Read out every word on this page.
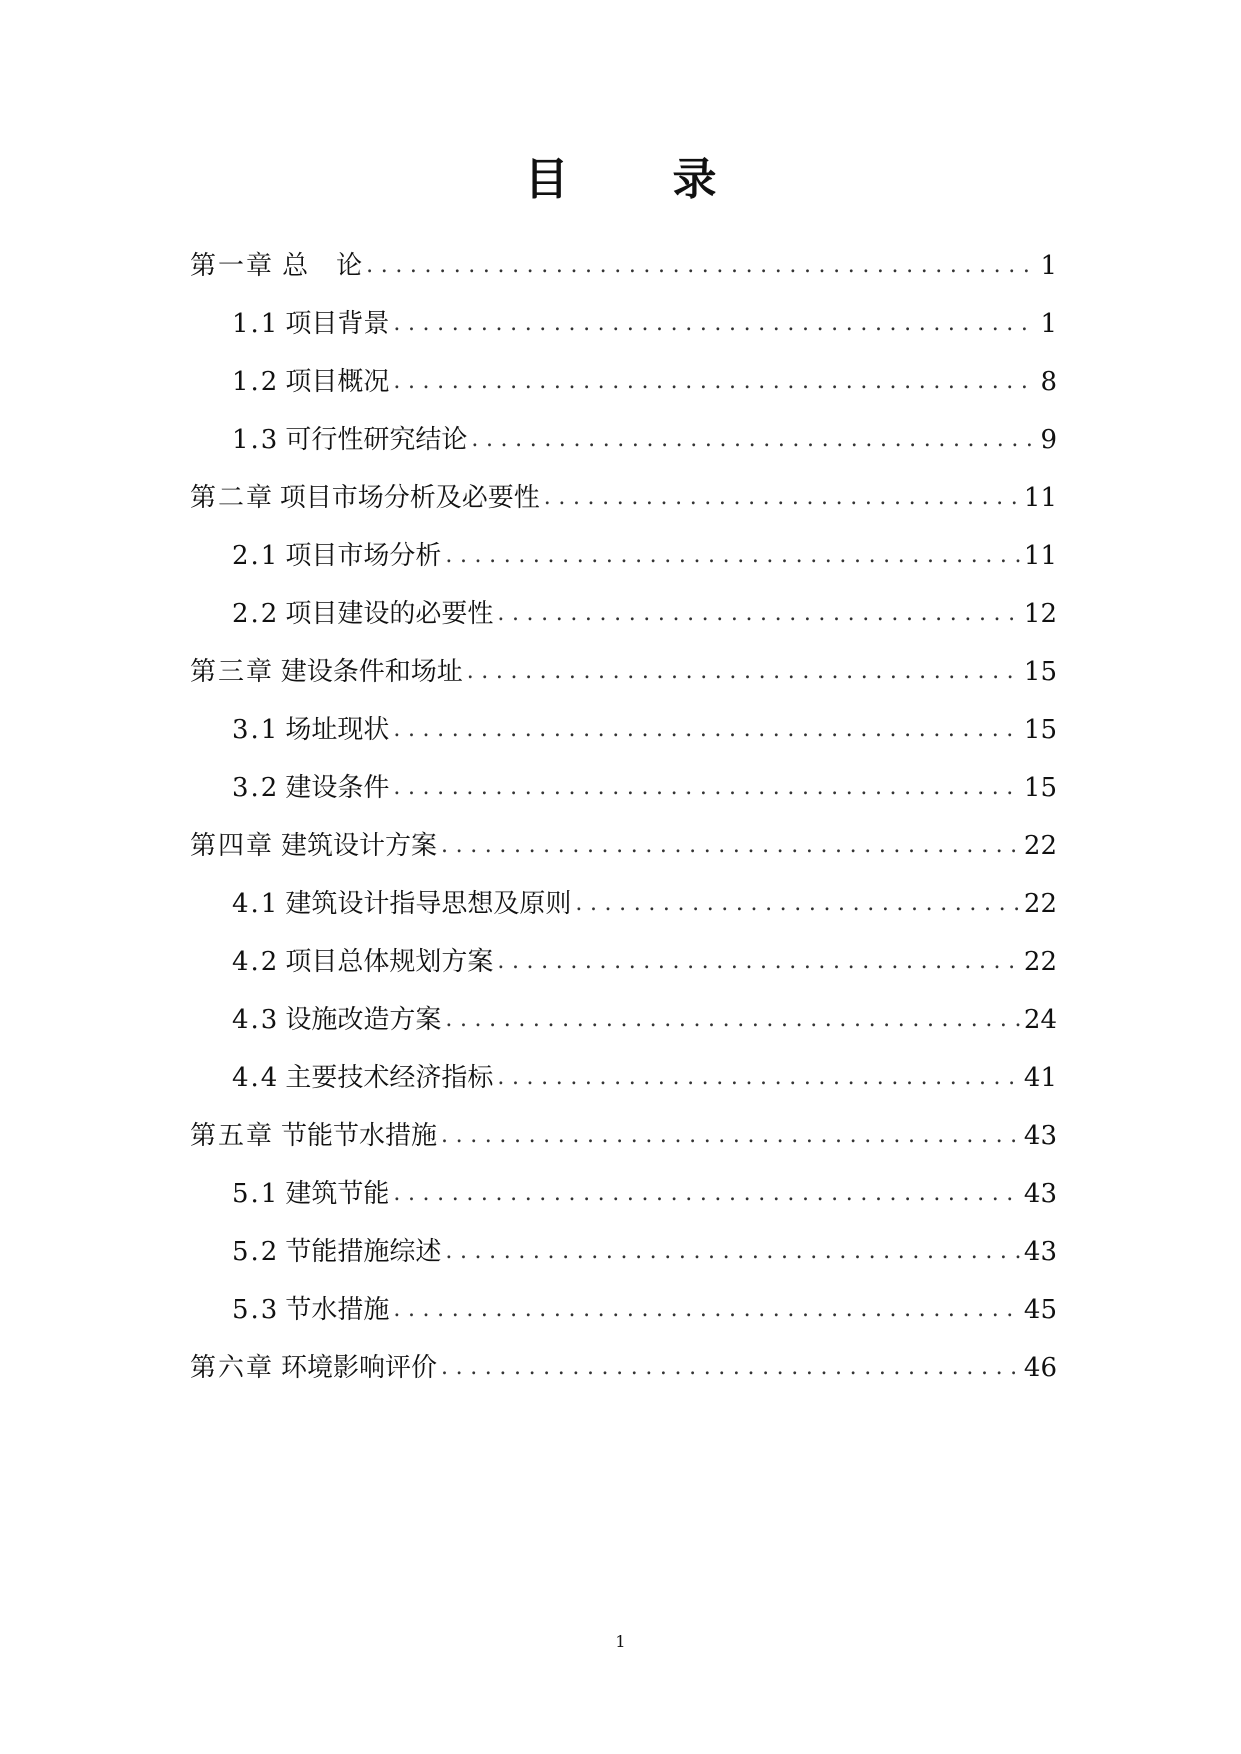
目　录
第一章 总 论 .....	1
1.1 项目背景 .....	1
1.2 项目概况 .....	8
1.3 可行性研究结论 .....	9
第二章 项目市场分析及必要性 .....	11
2.1 项目市场分析 .....	11
2.2 项目建设的必要性 .....	12
第三章 建设条件和场址 .....	15
3.1 场址现状 .....	15
3.2 建设条件 .....	15
第四章 建筑设计方案 .....	22
4.1 建筑设计指导思想及原则 .....	22
4.2 项目总体规划方案 .....	22
4.3 设施改造方案 .....	24
4.4 主要技术经济指标 .....	41
第五章 节能节水措施 .....	43
5.1 建筑节能 .....	43
5.2 节能措施综述 .....	43
5.3 节水措施 .....	45
第六章 环境影响评价 .....	46
1
